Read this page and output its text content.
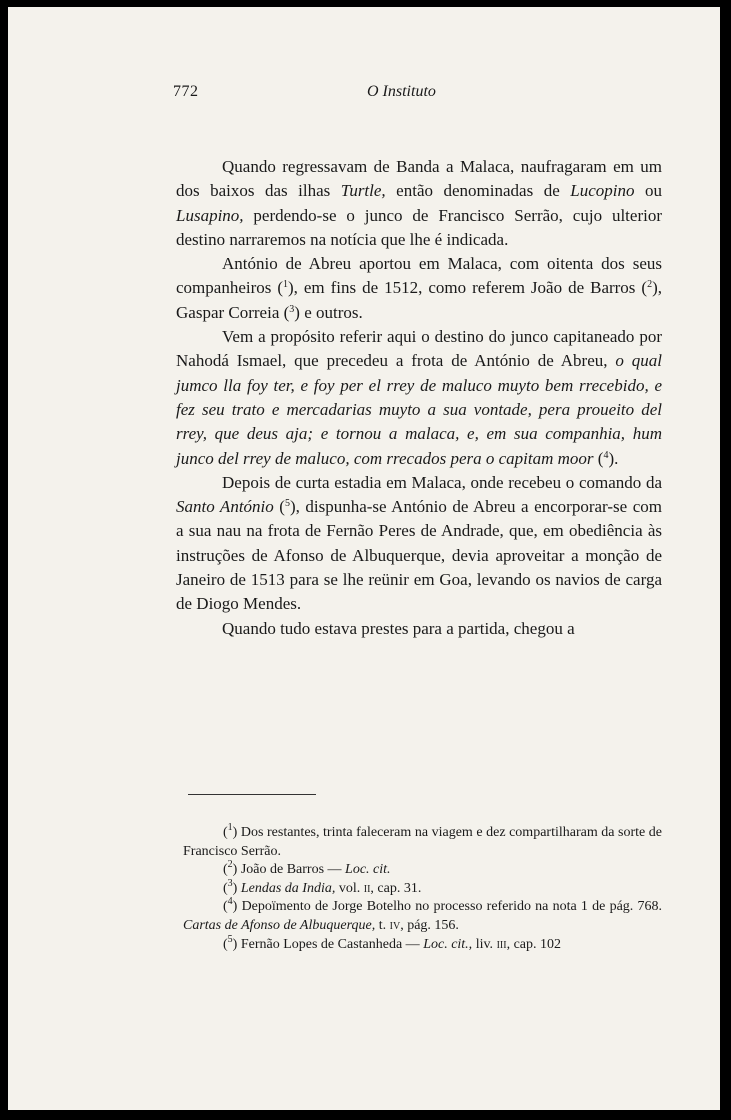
772	O Instituto

Quando regressavam de Banda a Malaca, naufragaram em um dos baixos das ilhas Turtle, então denominadas de Lucopino ou Lusapino, perdendo-se o junco de Francisco Serrão, cujo ulterior destino narraremos na notícia que lhe é indicada.

António de Abreu aportou em Malaca, com oitenta dos seus companheiros ($^1$), em fins de 1512, como referem João de Barros ($^2$), Gaspar Correia ($^3$) e outros.

Vem a propósito referir aqui o destino do junco capitaneado por Nahodá Ismael, que precedeu a frota de António de Abreu, o qual jumco lla foy ter, e foy per el rrey de maluco muyto bem rrecebido, e fez seu trato e mercadarias muyto a sua vontade, pera proueito del rrey, que deus aja; e tornou a malaca, e, em sua companhia, hum junco del rrey de maluco, com rrecados pera o capitam moor ($^4$).

Depois de curta estadia em Malaca, onde recebeu o comando da Santo António ($^5$), dispunha-se António de Abreu a encorporar-se com a sua nau na frota de Fernão Peres de Andrade, que, em obediência às instruções de Afonso de Albuquerque, devia aproveitar a monção de Janeiro de 1513 para se lhe reünir em Goa, levando os navios de carga de Diogo Mendes.

Quando tudo estava prestes para a partida, chegou a

($^1$) Dos restantes, trinta faleceram na viagem e dez compartilharam da sorte de Francisco Serrão.

($^2$) João de Barros — Loc. cit.

($^3$) Lendas da India, vol. ii, cap. 31.

($^4$) Depoïmento de Jorge Botelho no processo referido na nota 1 de pág. 768. Cartas de Afonso de Albuquerque, t. iv, pág. 156.

($^5$) Fernão Lopes de Castanheda — Loc. cit., liv. iii, cap. 102
